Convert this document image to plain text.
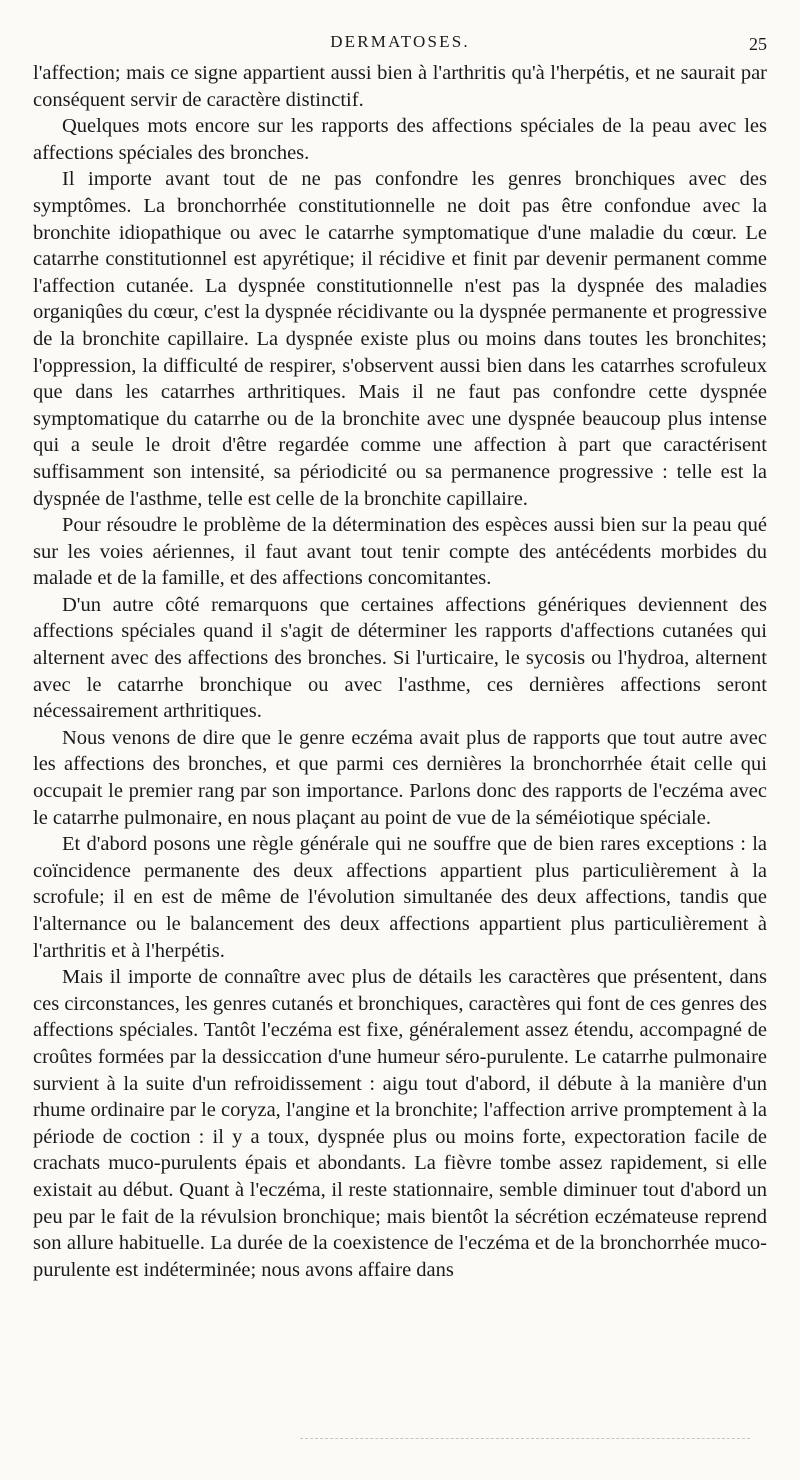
DERMATOSES.	25

l'affection; mais ce signe appartient aussi bien à l'arthritis qu'à l'herpétis, et ne saurait par conséquent servir de caractère distinctif.

Quelques mots encore sur les rapports des affections spéciales de la peau avec les affections spéciales des bronches.

Il importe avant tout de ne pas confondre les genres bronchiques avec des symptômes. La bronchorrhée constitutionnelle ne doit pas être confondue avec la bronchite idiopathique ou avec le catarrhe symptomatique d'une maladie du cœur. Le catarrhe constitutionnel est apyrétique; il récidive et finit par devenir permanent comme l'affection cutanée. La dyspnée constitutionnelle n'est pas la dyspnée des maladies organiqûes du cœur, c'est la dyspnée récidivante ou la dyspnée permanente et progressive de la bronchite capillaire. La dyspnée existe plus ou moins dans toutes les bronchites; l'oppression, la difficulté de respirer, s'observent aussi bien dans les catarrhes scrofuleux que dans les catarrhes arthritiques. Mais il ne faut pas confondre cette dyspnée symptomatique du catarrhe ou de la bronchite avec une dyspnée beaucoup plus intense qui a seule le droit d'être regardée comme une affection à part que caractérisent suffisamment son intensité, sa périodicité ou sa permanence progressive : telle est la dyspnée de l'asthme, telle est celle de la bronchite capillaire.

Pour résoudre le problème de la détermination des espèces aussi bien sur la peau qué sur les voies aériennes, il faut avant tout tenir compte des antécédents morbides du malade et de la famille, et des affections concomitantes.

D'un autre côté remarquons que certaines affections génériques deviennent des affections spéciales quand il s'agit de déterminer les rapports d'affections cutanées qui alternent avec des affections des bronches. Si l'urticaire, le sycosis ou l'hydroa, alternent avec le catarrhe bronchique ou avec l'asthme, ces dernières affections seront nécessairement arthritiques.

Nous venons de dire que le genre eczéma avait plus de rapports que tout autre avec les affections des bronches, et que parmi ces dernières la bronchorrhée était celle qui occupait le premier rang par son importance. Parlons donc des rapports de l'eczéma avec le catarrhe pulmonaire, en nous plaçant au point de vue de la séméiotique spéciale.

Et d'abord posons une règle générale qui ne souffre que de bien rares exceptions : la coïncidence permanente des deux affections appartient plus particulièrement à la scrofule; il en est de même de l'évolution simultanée des deux affections, tandis que l'alternance ou le balancement des deux affections appartient plus particulièrement à l'arthritis et à l'herpétis.

Mais il importe de connaître avec plus de détails les caractères que présentent, dans ces circonstances, les genres cutanés et bronchiques, caractères qui font de ces genres des affections spéciales. Tantôt l'eczéma est fixe, généralement assez étendu, accompagné de croûtes formées par la dessiccation d'une humeur séro-purulente. Le catarrhe pulmonaire survient à la suite d'un refroidissement : aigu tout d'abord, il débute à la manière d'un rhume ordinaire par le coryza, l'angine et la bronchite; l'affection arrive promptement à la période de coction : il y a toux, dyspnée plus ou moins forte, expectoration facile de crachats muco-purulents épais et abondants. La fièvre tombe assez rapidement, si elle existait au début. Quant à l'eczéma, il reste stationnaire, semble diminuer tout d'abord un peu par le fait de la révulsion bronchique; mais bientôt la sécrétion eczémateuse reprend son allure habituelle. La durée de la coexistence de l'eczéma et de la bronchorrhée muco-purulente est indéterminée; nous avons affaire dans
